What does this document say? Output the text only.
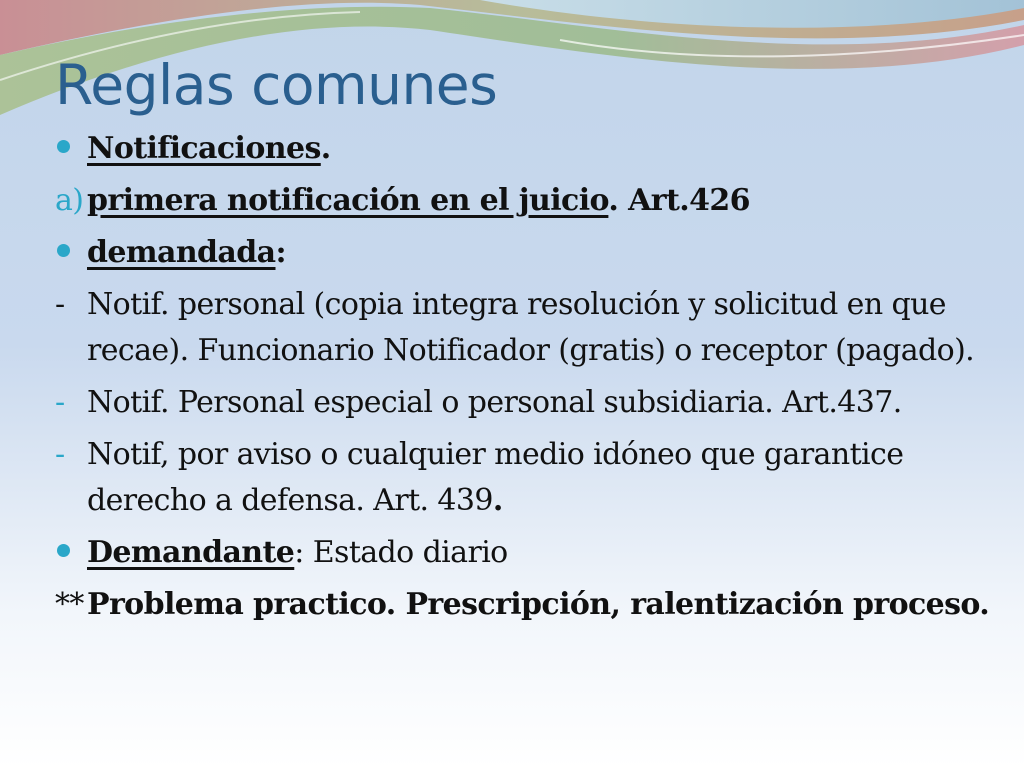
Reglas comunes
Notificaciones.
a) primera notificación en el juicio. Art.426
demandada:
- Notif. personal (copia integra resolución y solicitud en que recae). Funcionario Notificador (gratis) o receptor (pagado).
- Notif. Personal especial o personal subsidiaria. Art.437.
- Notif, por aviso o cualquier medio idóneo que garantice derecho a defensa. Art. 439.
Demandante: Estado diario
** Problema practico. Prescripción, ralentización proceso.
